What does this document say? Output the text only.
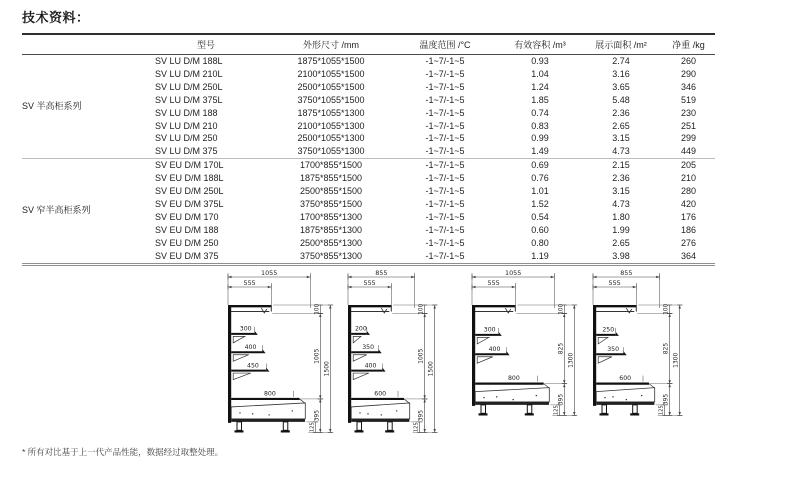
技术资料：
	型号	外形尺寸 /mm	温度范围 /°C	有效容积 /m³	展示面积 /m²	净重 /kg
SV 半高柜系列	SV LU D/M 188L	1875*1055*1500	-1~7/-1~5	0.93	2.74	260
	SV LU D/M 210L	2100*1055*1500	-1~7/-1~5	1.04	3.16	290
	SV LU D/M 250L	2500*1055*1500	-1~7/-1~5	1.24	3.65	346
	SV LU D/M 375L	3750*1055*1500	-1~7/-1~5	1.85	5.48	519
	SV LU D/M 188	1875*1055*1300	-1~7/-1~5	0.74	2.36	230
	SV LU D/M 210	2100*1055*1300	-1~7/-1~5	0.83	2.65	251
	SV LU D/M 250	2500*1055*1300	-1~7/-1~5	0.99	3.15	299
	SV LU D/M 375	3750*1055*1300	-1~7/-1~5	1.49	4.73	449
SV 窄半高柜系列	SV EU D/M 170L	1700*855*1500	-1~7/-1~5	0.69	2.15	205
	SV EU D/M 188L	1875*855*1500	-1~7/-1~5	0.76	2.36	210
	SV EU D/M 250L	2500*855*1500	-1~7/-1~5	1.01	3.15	280
	SV EU D/M 375L	3750*855*1500	-1~7/-1~5	1.52	4.73	420
	SV EU D/M 170	1700*855*1300	-1~7/-1~5	0.54	1.80	176
	SV EU D/M 188	1875*855*1300	-1~7/-1~5	0.60	1.99	186
	SV EU D/M 250	2500*855*1300	-1~7/-1~5	0.80	2.65	276
	SV EU D/M 375	3750*855*1300	-1~7/-1~5	1.19	3.98	364
1055
555
300
400
450
800
100
1005
395
1500
125
855
555
200
350
400
600
100
1005
395
1500
125
1055
555
300
400
800
100
825
395
1300
125
855
555
250
350
600
100
825
395
1300
125
* 所有对比基于上一代产品性能，数据经过取整处理。
